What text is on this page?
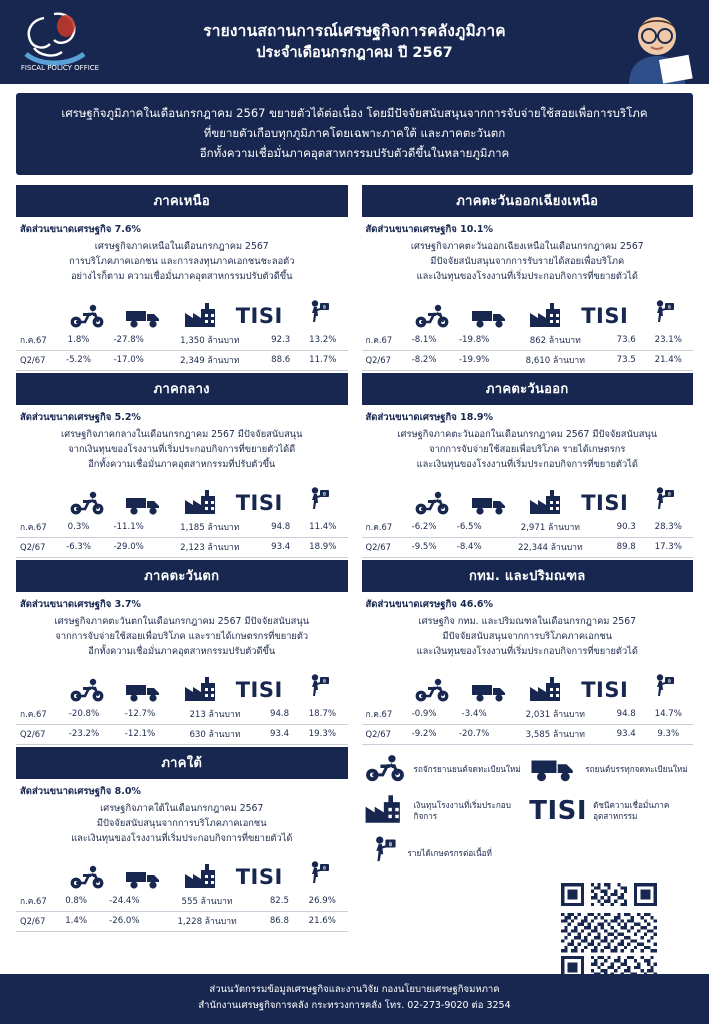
FISCAL POLICY OFFICE
รายงานสถานการณ์เศรษฐกิจการคลังภูมิภาค
ประจำเดือนกรกฎาคม ปี 2567
เศรษฐกิจภูมิภาคในเดือนกรกฎาคม 2567 ขยายตัวได้ต่อเนื่อง โดยมีปัจจัยสนับสนุนจากการจับจ่ายใช้สอยเพื่อการบริโภค
ที่ขยายตัวเกือบทุกภูมิภาคโดยเฉพาะภาคใต้ และภาคตะวันตก
อีกทั้งความเชื่อมั่นภาคอุตสาหกรรมปรับตัวดีขึ้นในหลายภูมิภาค
ภาคเหนือ
สัดส่วนขนาดเศรษฐกิจ 7.6%
เศรษฐกิจภาคเหนือในเดือนกรกฎาคม 2567
การบริโภคภาคเอกชน และการลงทุนภาคเอกชนชะลอตัว
อย่างไรก็ตาม ความเชื่อมั่นภาคอุตสาหกรรมปรับตัวดีขึ้น
TISI	฿
ก.ค.67	1.8%	-27.8%	1,350 ล้านบาท	92.3	13.2%
Q2/67	-5.2%	-17.0%	2,349 ล้านบาท	88.6	11.7%
ภาคตะวันออกเฉียงเหนือ
สัดส่วนขนาดเศรษฐกิจ 10.1%
เศรษฐกิจภาคตะวันออกเฉียงเหนือในเดือนกรกฎาคม 2567
มีปัจจัยสนับสนุนจากการรับรายได้สอยเพื่อบริโภค
และเงินทุนของโรงงานที่เริ่มประกอบกิจการที่ขยายตัวได้
TISI	฿
ก.ค.67	-8.1%	-19.8%	862 ล้านบาท	73.6	23.1%
Q2/67	-8.2%	-19.9%	8,610 ล้านบาท	73.5	21.4%
ภาคกลาง
สัดส่วนขนาดเศรษฐกิจ 5.2%
เศรษฐกิจภาคกลางในเดือนกรกฎาคม 2567 มีปัจจัยสนับสนุน
จากเงินทุนของโรงงานที่เริ่มประกอบกิจการที่ขยายตัวได้ดี
อีกทั้งความเชื่อมั่นภาคอุตสาหกรรมที่ปรับตัวขึ้น
TISI	฿
ก.ค.67	0.3%	-11.1%	1,185 ล้านบาท	94.8	11.4%
Q2/67	-6.3%	-29.0%	2,123 ล้านบาท	93.4	18.9%
ภาคตะวันออก
สัดส่วนขนาดเศรษฐกิจ 18.9%
เศรษฐกิจภาคตะวันออกในเดือนกรกฎาคม 2567 มีปัจจัยสนับสนุน
จากการจับจ่ายใช้สอยเพื่อบริโภค รายได้เกษตรกร
และเงินทุนของโรงงานที่เริ่มประกอบกิจการที่ขยายตัวได้
TISI	฿
ก.ค.67	-6.2%	-6.5%	2,971 ล้านบาท	90.3	28.3%
Q2/67	-9.5%	-8.4%	22,344 ล้านบาท	89.8	17.3%
ภาคตะวันตก
สัดส่วนขนาดเศรษฐกิจ 3.7%
เศรษฐกิจภาคตะวันตกในเดือนกรกฎาคม 2567 มีปัจจัยสนับสนุน
จากการจับจ่ายใช้สอยเพื่อบริโภค และรายได้เกษตรกรที่ขยายตัว
อีกทั้งความเชื่อมั่นภาคอุตสาหกรรมปรับตัวดีขึ้น
TISI	฿
ก.ค.67	-20.8%	-12.7%	213 ล้านบาท	94.8	18.7%
Q2/67	-23.2%	-12.1%	630 ล้านบาท	93.4	19.3%
กทม. และปริมณฑล
สัดส่วนขนาดเศรษฐกิจ 46.6%
เศรษฐกิจ กทม. และปริมณฑลในเดือนกรกฎาคม 2567
มีปัจจัยสนับสนุนจากการบริโภคภาคเอกชน
และเงินทุนของโรงงานที่เริ่มประกอบกิจการที่ขยายตัวได้
TISI	฿
ก.ค.67	-0.9%	-3.4%	2,031 ล้านบาท	94.8	14.7%
Q2/67	-9.2%	-20.7%	3,585 ล้านบาท	93.4	9.3%
ภาคใต้
สัดส่วนขนาดเศรษฐกิจ 8.0%
เศรษฐกิจภาคใต้ในเดือนกรกฎาคม 2567
มีปัจจัยสนับสนุนจากการบริโภคภาคเอกชน
และเงินทุนของโรงงานที่เริ่มประกอบกิจการที่ขยายตัวได้
TISI	฿
ก.ค.67	0.8%	-24.4%	555 ล้านบาท	82.5	26.9%
Q2/67	1.4%	-26.0%	1,228 ล้านบาท	86.8	21.6%
รถจักรยานยนต์จดทะเบียนใหม่	รถยนต์บรรทุกจดทะเบียนใหม่
เงินทุนโรงงานที่เริ่มประกอบกิจการ	TISI ดัชนีความเชื่อมั่นภาคอุตสาหกรรม
฿
รายได้เกษตรกรต่อเนื้อที่
ส่วนนวัตกรรมข้อมูลเศรษฐกิจและงานวิจัย กองนโยบายเศรษฐกิจมหภาค
สำนักงานเศรษฐกิจการคลัง กระทรวงการคลัง โทร. 02-273-9020 ต่อ 3254
